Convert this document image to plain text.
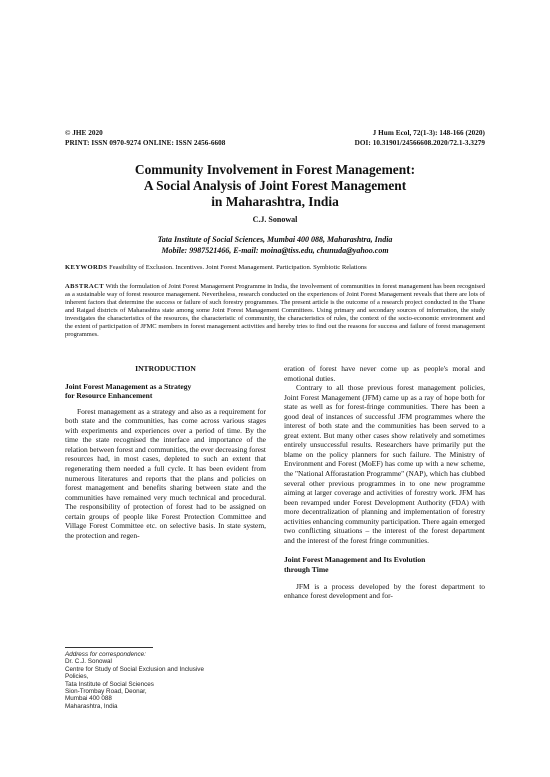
© JHE 2020	J Hum Ecol, 72(1-3): 148-166 (2020)
PRINT: ISSN 0970-9274 ONLINE: ISSN 2456-6608	DOI: 10.31901/24566608.2020/72.1-3.3279
Community Involvement in Forest Management:
A Social Analysis of Joint Forest Management
in Maharashtra, India
C.J. Sonowal
Tata Institute of Social Sciences, Mumbai 400 088, Maharashtra, India
Mobile: 9987521466, E-mail: moina@tiss.edu, chunuda@yahoo.com
KEYWORDS Feasibility of Exclusion. Incentives. Joint Forest Management. Participation. Symbiotic Relations
ABSTRACT With the formulation of Joint Forest Management Programme in India, the involvement of communities in forest management has been recognised as a sustainable way of forest resource management. Nevertheless, research conducted on the experiences of Joint Forest Management reveals that there are lots of inherent factors that determine the success or failure of such forestry programmes. The present article is the outcome of a research project conducted in the Thane and Raigad districts of Maharashtra state among some Joint Forest Management Committees. Using primary and secondary sources of information, the study investigates the characteristics of the resources, the characteristic of community, the characteristics of rules, the context of the socio-economic environment and the extent of participation of JFMC members in forest management activities and hereby tries to find out the reasons for success and failure of forest management programmes.
INTRODUCTION
Joint Forest Management as a Strategy
for Resource Enhancement

Forest management as a strategy and also as a requirement for both state and the communities, has come across various stages with experiments and experiences over a period of time. By the time the state recognised the interface and importance of the relation between forest and communities, the ever decreasing forest resources had, in most cases, depleted to such an extent that regenerating them needed a full cycle. It has been evident from numerous literatures and reports that the plans and policies on forest management and benefits sharing between state and the communities have remained very much technical and procedural. The responsibility of protection of forest had to be assigned on certain groups of people like Forest Protection Committee and Village Forest Committee etc. on selective basis. In state system, the protection and regen-

Address for correspondence:
Dr. C.J. Sonowal
Centre for Study of Social Exclusion and Inclusive
Policies,
Tata Institute of Social Sciences
Sion-Trombay Road, Deonar,
Mumbai 400 088
Maharashtra, India

eration of forest have never come up as people's moral and emotional duties.

Contrary to all those previous forest management policies, Joint Forest Management (JFM) came up as a ray of hope both for state as well as for forest-fringe communities. There has been a good deal of instances of successful JFM programmes where the interest of both state and the communities has been served to a great extent. But many other cases show relatively and sometimes entirely unsuccessful results. Researchers have primarily put the blame on the policy planners for such failure. The Ministry of Environment and Forest (MoEF) has come up with a new scheme, the "National Afforastation Programme" (NAP), which has clubbed several other previous programmes in to one new programme aiming at larger coverage and activities of forestry work. JFM has been revamped under Forest Development Authority (FDA) with more decentralization of planning and implementation of forestry activities enhancing community participation. There again emerged two conflicting situations – the interest of the forest department and the interest of the forest fringe communities.

Joint Forest Management and Its Evolution
through Time

JFM is a process developed by the forest department to enhance forest development and for-
